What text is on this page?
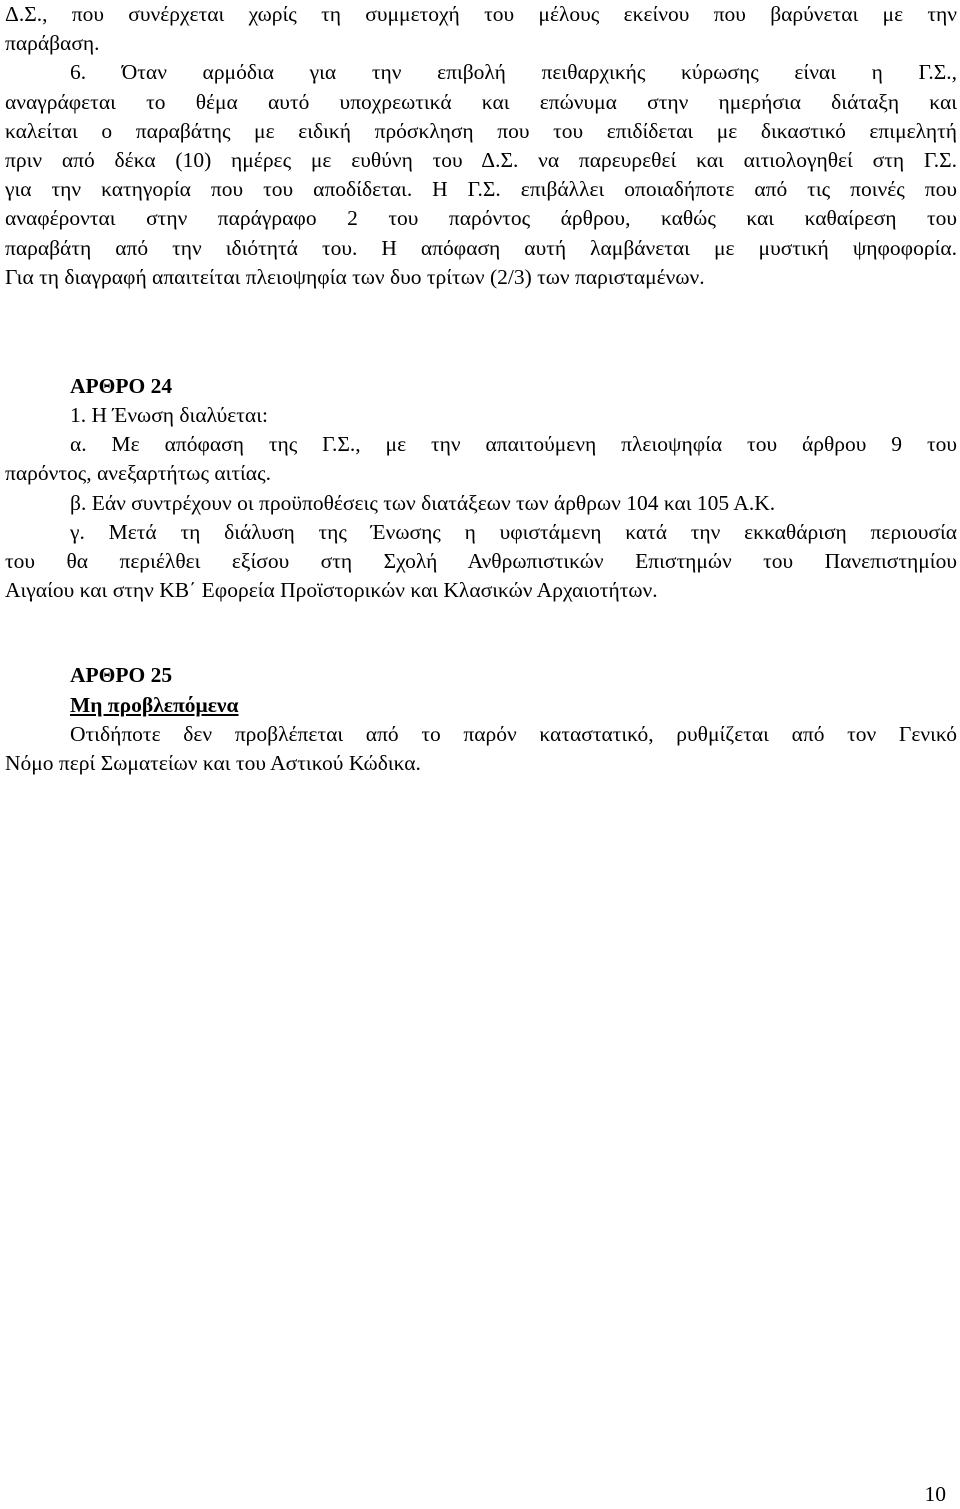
Δ.Σ., που συνέρχεται χωρίς τη συμμετοχή του μέλους εκείνου που βαρύνεται με την
παράβαση.
6. Όταν αρμόδια για την επιβολή πειθαρχικής κύρωσης είναι η Γ.Σ.,
αναγράφεται το θέμα αυτό υποχρεωτικά και επώνυμα στην ημερήσια διάταξη και
καλείται ο παραβάτης με ειδική πρόσκληση που του επιδίδεται με δικαστικό επιμελητή
πριν από δέκα (10) ημέρες με ευθύνη του Δ.Σ. να παρευρεθεί και αιτιολογηθεί στη Γ.Σ.
για την κατηγορία που του αποδίδεται. Η Γ.Σ. επιβάλλει οποιαδήποτε από τις ποινές που
αναφέρονται στην παράγραφο 2 του παρόντος άρθρου, καθώς και καθαίρεση του
παραβάτη από την ιδιότητά του. Η απόφαση αυτή λαμβάνεται με μυστική ψηφοφορία.
Για τη διαγραφή απαιτείται πλειοψηφία των δυο τρίτων (2/3) των παρισταμένων.
ΑΡΘΡΟ 24
1. Η Ένωση διαλύεται:
α. Με απόφαση της Γ.Σ., με την απαιτούμενη πλειοψηφία του άρθρου 9 του
παρόντος, ανεξαρτήτως αιτίας.
β. Εάν συντρέχουν οι προϋποθέσεις των διατάξεων των άρθρων 104 και 105 Α.Κ.
γ. Μετά τη διάλυση της Ένωσης η υφιστάμενη κατά την εκκαθάριση περιουσία
του θα περιέλθει εξίσου στη Σχολή Ανθρωπιστικών Επιστημών του Πανεπιστημίου
Αιγαίου και στην ΚΒ΄ Εφορεία Προϊστορικών και Κλασικών Αρχαιοτήτων.
ΑΡΘΡΟ 25
Μη προβλεπόμενα
Οτιδήποτε δεν προβλέπεται από το παρόν καταστατικό, ρυθμίζεται από τον Γενικό
Νόμο περί Σωματείων και του Αστικού Κώδικα.
10
